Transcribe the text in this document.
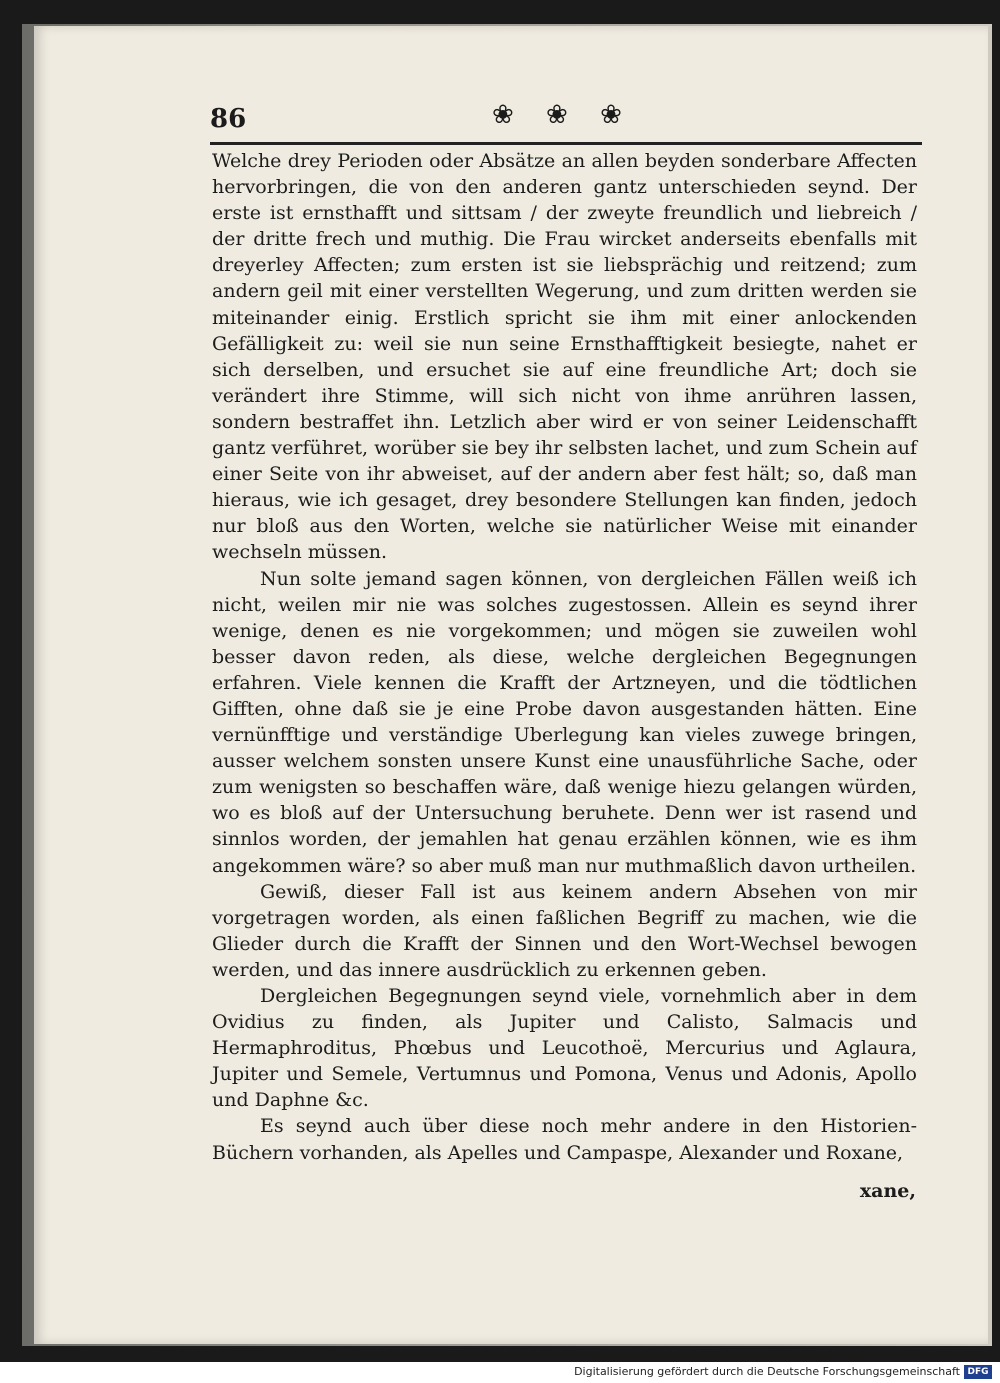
86	❀ ❀ ❀

Welche drey Perioden oder Absätze an allen beyden sonderbare Affecten hervorbringen, die von den anderen gantz unterschieden seynd. Der erste ist ernsthafft und sittsam / der zweyte freundlich und liebreich / der dritte frech und muthig. Die Frau wircket anderseits ebenfalls mit dreyerley Affecten; zum ersten ist sie liebsprächig und reitzend; zum andern geil mit einer verstellten Wegerung, und zum dritten werden sie miteinander einig. Erstlich spricht sie ihm mit einer anlockenden Gefälligkeit zu: weil sie nun seine Ernsthafftigkeit besiegte, nahet er sich derselben, und ersuchet sie auf eine freundliche Art; doch sie verändert ihre Stimme, will sich nicht von ihme anrühren lassen, sondern bestraffet ihn. Letzlich aber wird er von seiner Leidenschafft gantz verführet, worüber sie bey ihr selbsten lachet, und zum Schein auf einer Seite von ihr abweiset, auf der andern aber fest hält; so, daß man hieraus, wie ich gesaget, drey besondere Stellungen kan finden, jedoch nur bloß aus den Worten, welche sie natürlicher Weise mit einander wechseln müssen.

Nun solte jemand sagen können, von dergleichen Fällen weiß ich nicht, weilen mir nie was solches zugestossen. Allein es seynd ihrer wenige, denen es nie vorgekommen; und mögen sie zuweilen wohl besser davon reden, als diese, welche dergleichen Begegnungen erfahren. Viele kennen die Krafft der Artzneyen, und die tödtlichen Gifften, ohne daß sie je eine Probe davon ausgestanden hätten. Eine vernünfftige und verständige Uberlegung kan vieles zuwege bringen, ausser welchem sonsten unsere Kunst eine unausführliche Sache, oder zum wenigsten so beschaffen wäre, daß wenige hiezu gelangen würden, wo es bloß auf der Untersuchung beruhete. Denn wer ist rasend und sinnlos worden, der jemahlen hat genau erzählen können, wie es ihm angekommen wäre? so aber muß man nur muthmaßlich davon urtheilen.

Gewiß, dieser Fall ist aus keinem andern Absehen von mir vorgetragen worden, als einen faßlichen Begriff zu machen, wie die Glieder durch die Krafft der Sinnen und den Wort-Wechsel bewogen werden, und das innere ausdrücklich zu erkennen geben.

Dergleichen Begegnungen seynd viele, vornehmlich aber in dem Ovidius zu finden, als Jupiter und Calisto, Salmacis und Hermaphroditus, Phœbus und Leucothoë, Mercurius und Aglaura, Jupiter und Semele, Vertumnus und Pomona, Venus und Adonis, Apollo und Daphne &c.

Es seynd auch über diese noch mehr andere in den Historien-Büchern vorhanden, als Apelles und Campaspe, Alexander und Roxane,

xane,
Digitalisierung gefördert durch die Deutsche Forschungsgemeinschaft DFG
